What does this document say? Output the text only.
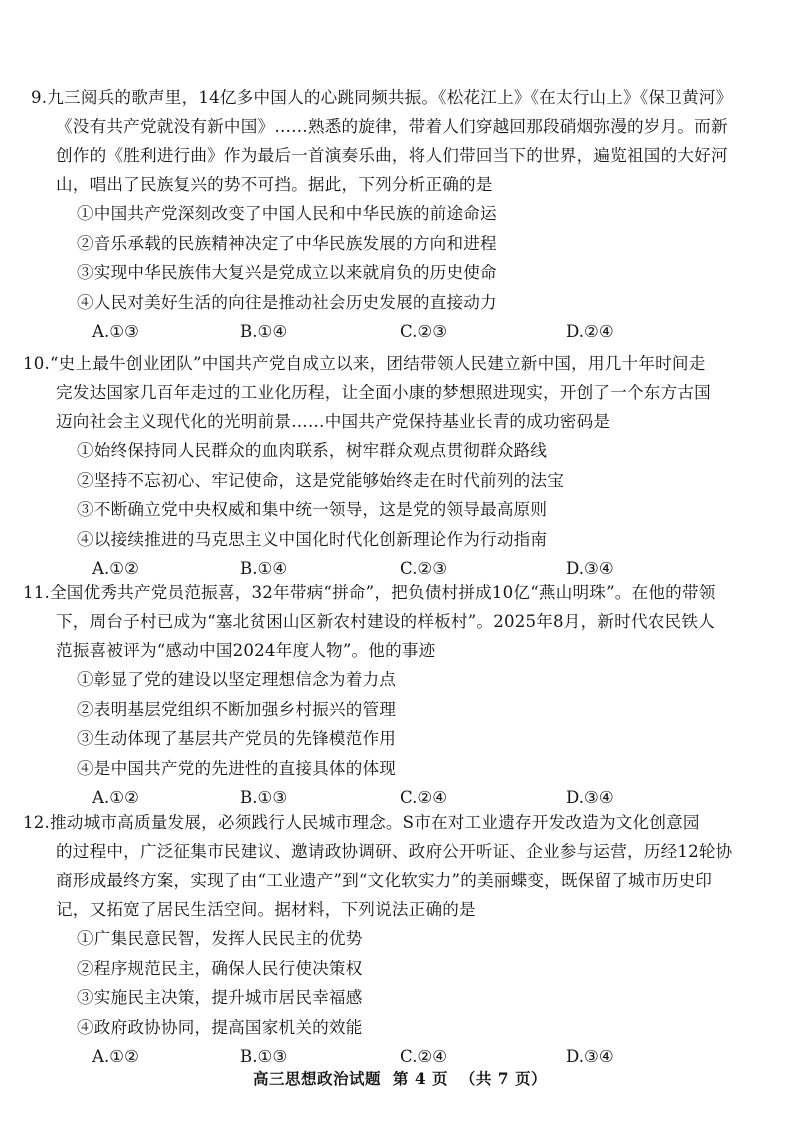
9.九三阅兵的歌声里，14亿多中国人的心跳同频共振。《松花江上》《在太行山上》《保卫黄河》
《没有共产党就没有新中国》……熟悉的旋律，带着人们穿越回那段硝烟弥漫的岁月。而新
创作的《胜利进行曲》作为最后一首演奏乐曲，将人们带回当下的世界，遍览祖国的大好河
山，唱出了民族复兴的势不可挡。据此，下列分析正确的是
①中国共产党深刻改变了中国人民和中华民族的前途命运
②音乐承载的民族精神决定了中华民族发展的方向和进程
③实现中华民族伟大复兴是党成立以来就肩负的历史使命
④人民对美好生活的向往是推动社会历史发展的直接动力
A.①③	B.①④	C.②③	D.②④
10.“史上最牛创业团队”中国共产党自成立以来，团结带领人民建立新中国，用几十年时间走
完发达国家几百年走过的工业化历程，让全面小康的梦想照进现实，开创了一个东方古国
迈向社会主义现代化的光明前景……中国共产党保持基业长青的成功密码是
①始终保持同人民群众的血肉联系，树牢群众观点贯彻群众路线
②坚持不忘初心、牢记使命，这是党能够始终走在时代前列的法宝
③不断确立党中央权威和集中统一领导，这是党的领导最高原则
④以接续推进的马克思主义中国化时代化创新理论作为行动指南
A.①②	B.①④	C.②③	D.③④
11.全国优秀共产党员范振喜，32年带病“拼命”，把负债村拼成10亿“燕山明珠”。在他的带领
下，周台子村已成为“塞北贫困山区新农村建设的样板村”。2025年8月，新时代农民铁人
范振喜被评为“感动中国2024年度人物”。他的事迹
①彰显了党的建设以坚定理想信念为着力点
②表明基层党组织不断加强乡村振兴的管理
③生动体现了基层共产党员的先锋模范作用
④是中国共产党的先进性的直接具体的体现
A.①②	B.①③	C.②④	D.③④
12.推动城市高质量发展，必须践行人民城市理念。S市在对工业遗存开发改造为文化创意园
的过程中，广泛征集市民建议、邀请政协调研、政府公开听证、企业参与运营，历经12轮协
商形成最终方案，实现了由“工业遗产”到“文化软实力”的美丽蝶变，既保留了城市历史印
记，又拓宽了居民生活空间。据材料，下列说法正确的是
①广集民意民智，发挥人民民主的优势
②程序规范民主，确保人民行使决策权
③实施民主决策，提升城市居民幸福感
④政府政协协同，提高国家机关的效能
A.①②	B.①③	C.②④	D.③④
高三思想政治试题 第 4 页 （共 7 页）
